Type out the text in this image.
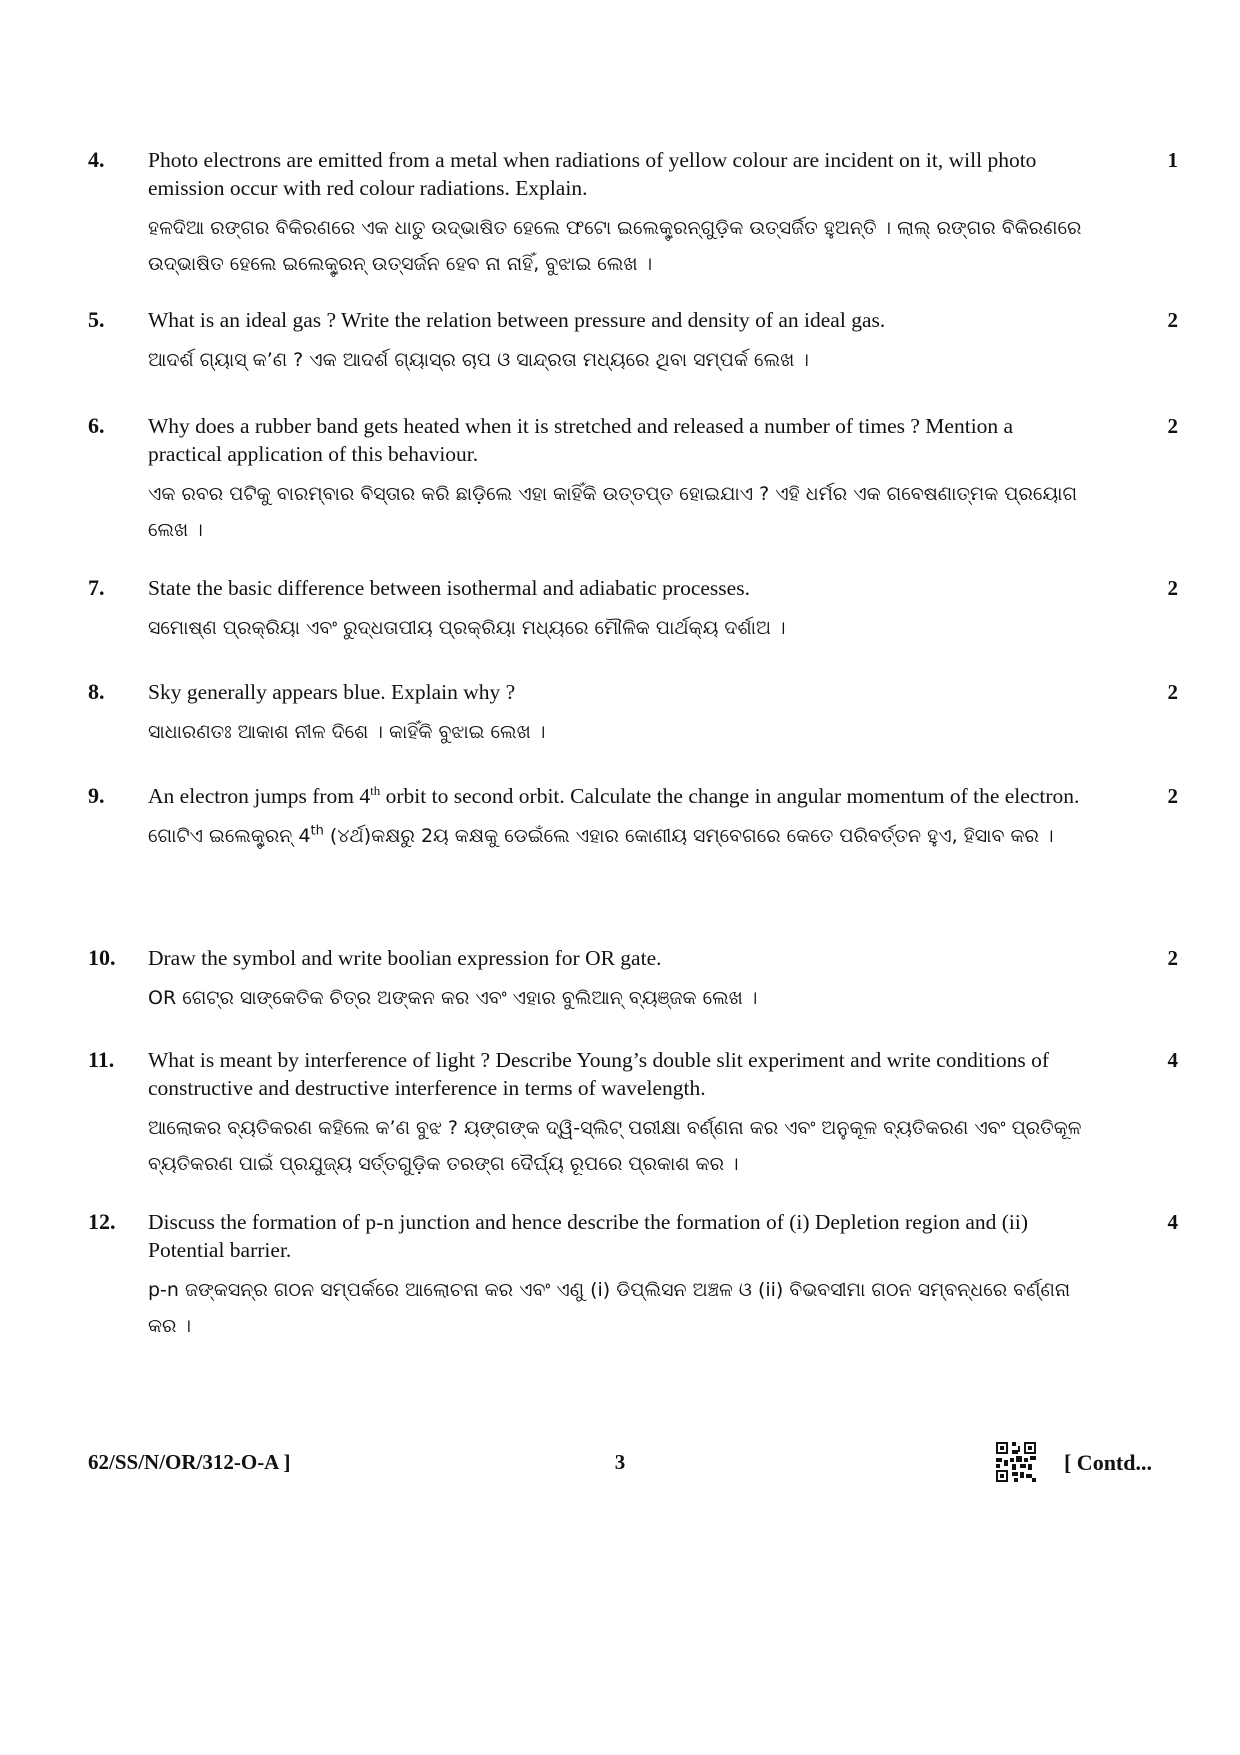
4.	Photo electrons are emitted from a metal when radiations of yellow colour are incident on it, will photo emission occur with red colour radiations. Explain.

ହଳଦିଆ ରଙ୍ଗର ବିକିରଣରେ ଏକ ଧାତୁ ଉଦ୍‌ଭାଷିତ ହେଲେ ଫଟୋ ଇଲେକ୍ଟ୍ରନ୍‌ଗୁଡ଼ିକ ଉତ୍ସର୍ଜିତ ହୁଅନ୍ତି । ଲାଲ୍ ରଙ୍ଗର ବିକିରଣରେ ଉଦ୍‌ଭାଷିତ ହେଲେ ଇଲେକ୍ଟ୍ରନ୍ ଉତ୍ସର୍ଜନ ହେବ ନା ନାହିଁ, ବୁଝାଇ ଲେଖ ।

1
5.	What is an ideal gas ? Write the relation between pressure and density of an ideal gas.

ଆଦର୍ଶ ଗ୍ୟାସ୍ କ’ଣ ? ଏକ ଆଦର୍ଶ ଗ୍ୟାସ୍‌ର ଚାପ ଓ ସାନ୍ଦ୍ରତା ମଧ୍ୟରେ ଥିବା ସମ୍ପର୍କ ଲେଖ ।

2
6.	Why does a rubber band gets heated when it is stretched and released a number of times ? Mention a practical application of this behaviour.

ଏକ ରବର ପଟିକୁ ବାରମ୍ବାର ବିସ୍ତାର କରି ଛାଡ଼ିଲେ ଏହା କାହିଁକି ଉତ୍ତପ୍ତ ହୋଇଯାଏ ? ଏହି ଧର୍ମର ଏକ ଗବେଷଣାତ୍ମକ ପ୍ରୟୋଗ ଲେଖ ।

2
7.	State the basic difference between isothermal and adiabatic processes.

ସମୋଷ୍ଣ ପ୍ରକ୍ରିୟା ଏବଂ ରୁଦ୍ଧତାପୀୟ ପ୍ରକ୍ରିୟା ମଧ୍ୟରେ ମୌଳିକ ପାର୍ଥକ୍ୟ ଦର୍ଶାଅ ।

2
8.	Sky generally appears blue. Explain why ?

ସାଧାରଣତଃ ଆକାଶ ନୀଳ ଦିଶେ । କାହିଁକି ବୁଝାଇ ଲେଖ ।

2
9.	An electron jumps from 4th orbit to second orbit. Calculate the change in angular momentum of the electron.

ଗୋଟିଏ ଇଲେକ୍ଟ୍ରନ୍ 4th (୪ର୍ଥ)କକ୍ଷରୁ 2ୟ କକ୍ଷକୁ ଡେଇଁଲେ ଏହାର କୋଣୀୟ ସମ୍ବେଗରେ କେତେ ପରିବର୍ତ୍ତନ ହୁଏ, ହିସାବ କର ।

2
10.	Draw the symbol and write boolian expression for OR gate.

OR ଗେଟ୍‌ର ସାଙ୍କେତିକ ଚିତ୍ର ଅଙ୍କନ କର ଏବଂ ଏହାର ବୁଲିଆନ୍ ବ୍ୟଞ୍ଜକ ଲେଖ ।

2
11.	What is meant by interference of light ? Describe Young’s double slit experiment and write conditions of constructive and destructive interference in terms of wavelength.

ଆଲୋକର ବ୍ୟତିକରଣ କହିଲେ କ’ଣ ବୁଝ ? ୟଙ୍ଗଙ୍କ ଦ୍ୱି-ସ୍ଲିଟ୍ ପରୀକ୍ଷା ବର୍ଣ୍ଣନା କର ଏବଂ ଅନୁକୂଳ ବ୍ୟତିକରଣ ଏବଂ ପ୍ରତିକୂଳ ବ୍ୟତିକରଣ ପାଇଁ ପ୍ରଯୁଜ୍ୟ ସର୍ତ୍ତଗୁଡ଼ିକ ତରଙ୍ଗ ଦୈର୍ଘ୍ୟ ରୂପରେ ପ୍ରକାଶ କର ।

4
12.	Discuss the formation of p-n junction and hence describe the formation of (i) Depletion region and (ii) Potential barrier.

p-n ଜଙ୍କସନ୍‌ର ଗଠନ ସମ୍ପର୍କରେ ଆଲୋଚନା କର ଏବଂ ଏଣୁ (i) ଡିପ୍ଲିସନ ଅଞ୍ଚଳ ଓ (ii) ବିଭବସୀମା ଗଠନ ସମ୍ବନ୍ଧରେ ବର୍ଣ୍ଣନା କର ।

4
62/SS/N/OR/312-O-A ]	3	[ Contd...
